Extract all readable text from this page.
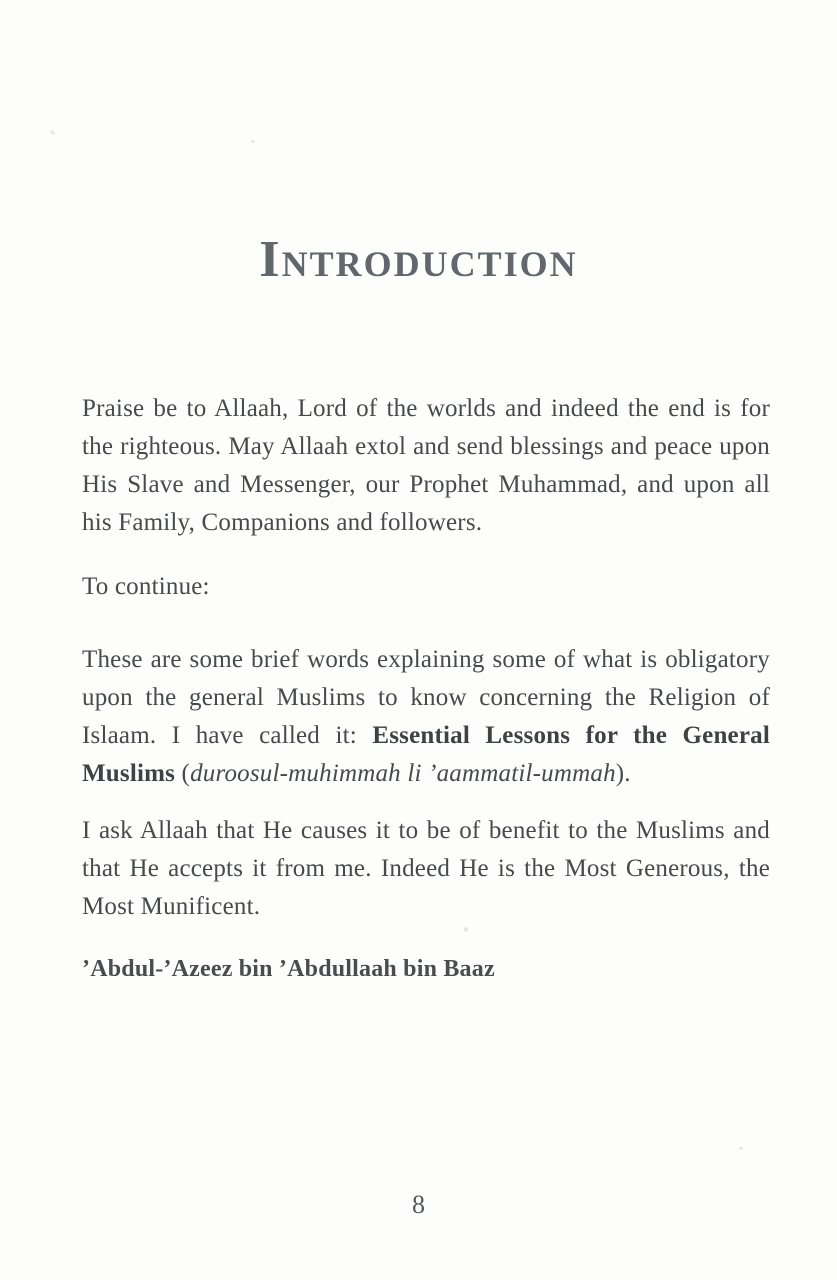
Introduction

Praise be to Allaah, Lord of the worlds and indeed the end is for the righteous. May Allaah extol and send blessings and peace upon His Slave and Messenger, our Prophet Muhammad, and upon all his Family, Companions and followers.

To continue:

These are some brief words explaining some of what is obligatory upon the general Muslims to know concerning the Religion of Islaam. I have called it: Essential Lessons for the General Muslims (duroosul-muhimmah li ’aammatil-ummah).

I ask Allaah that He causes it to be of benefit to the Muslims and that He accepts it from me. Indeed He is the Most Generous, the Most Munificent.

’Abdul-’Azeez bin ’Abdullaah bin Baaz

8
